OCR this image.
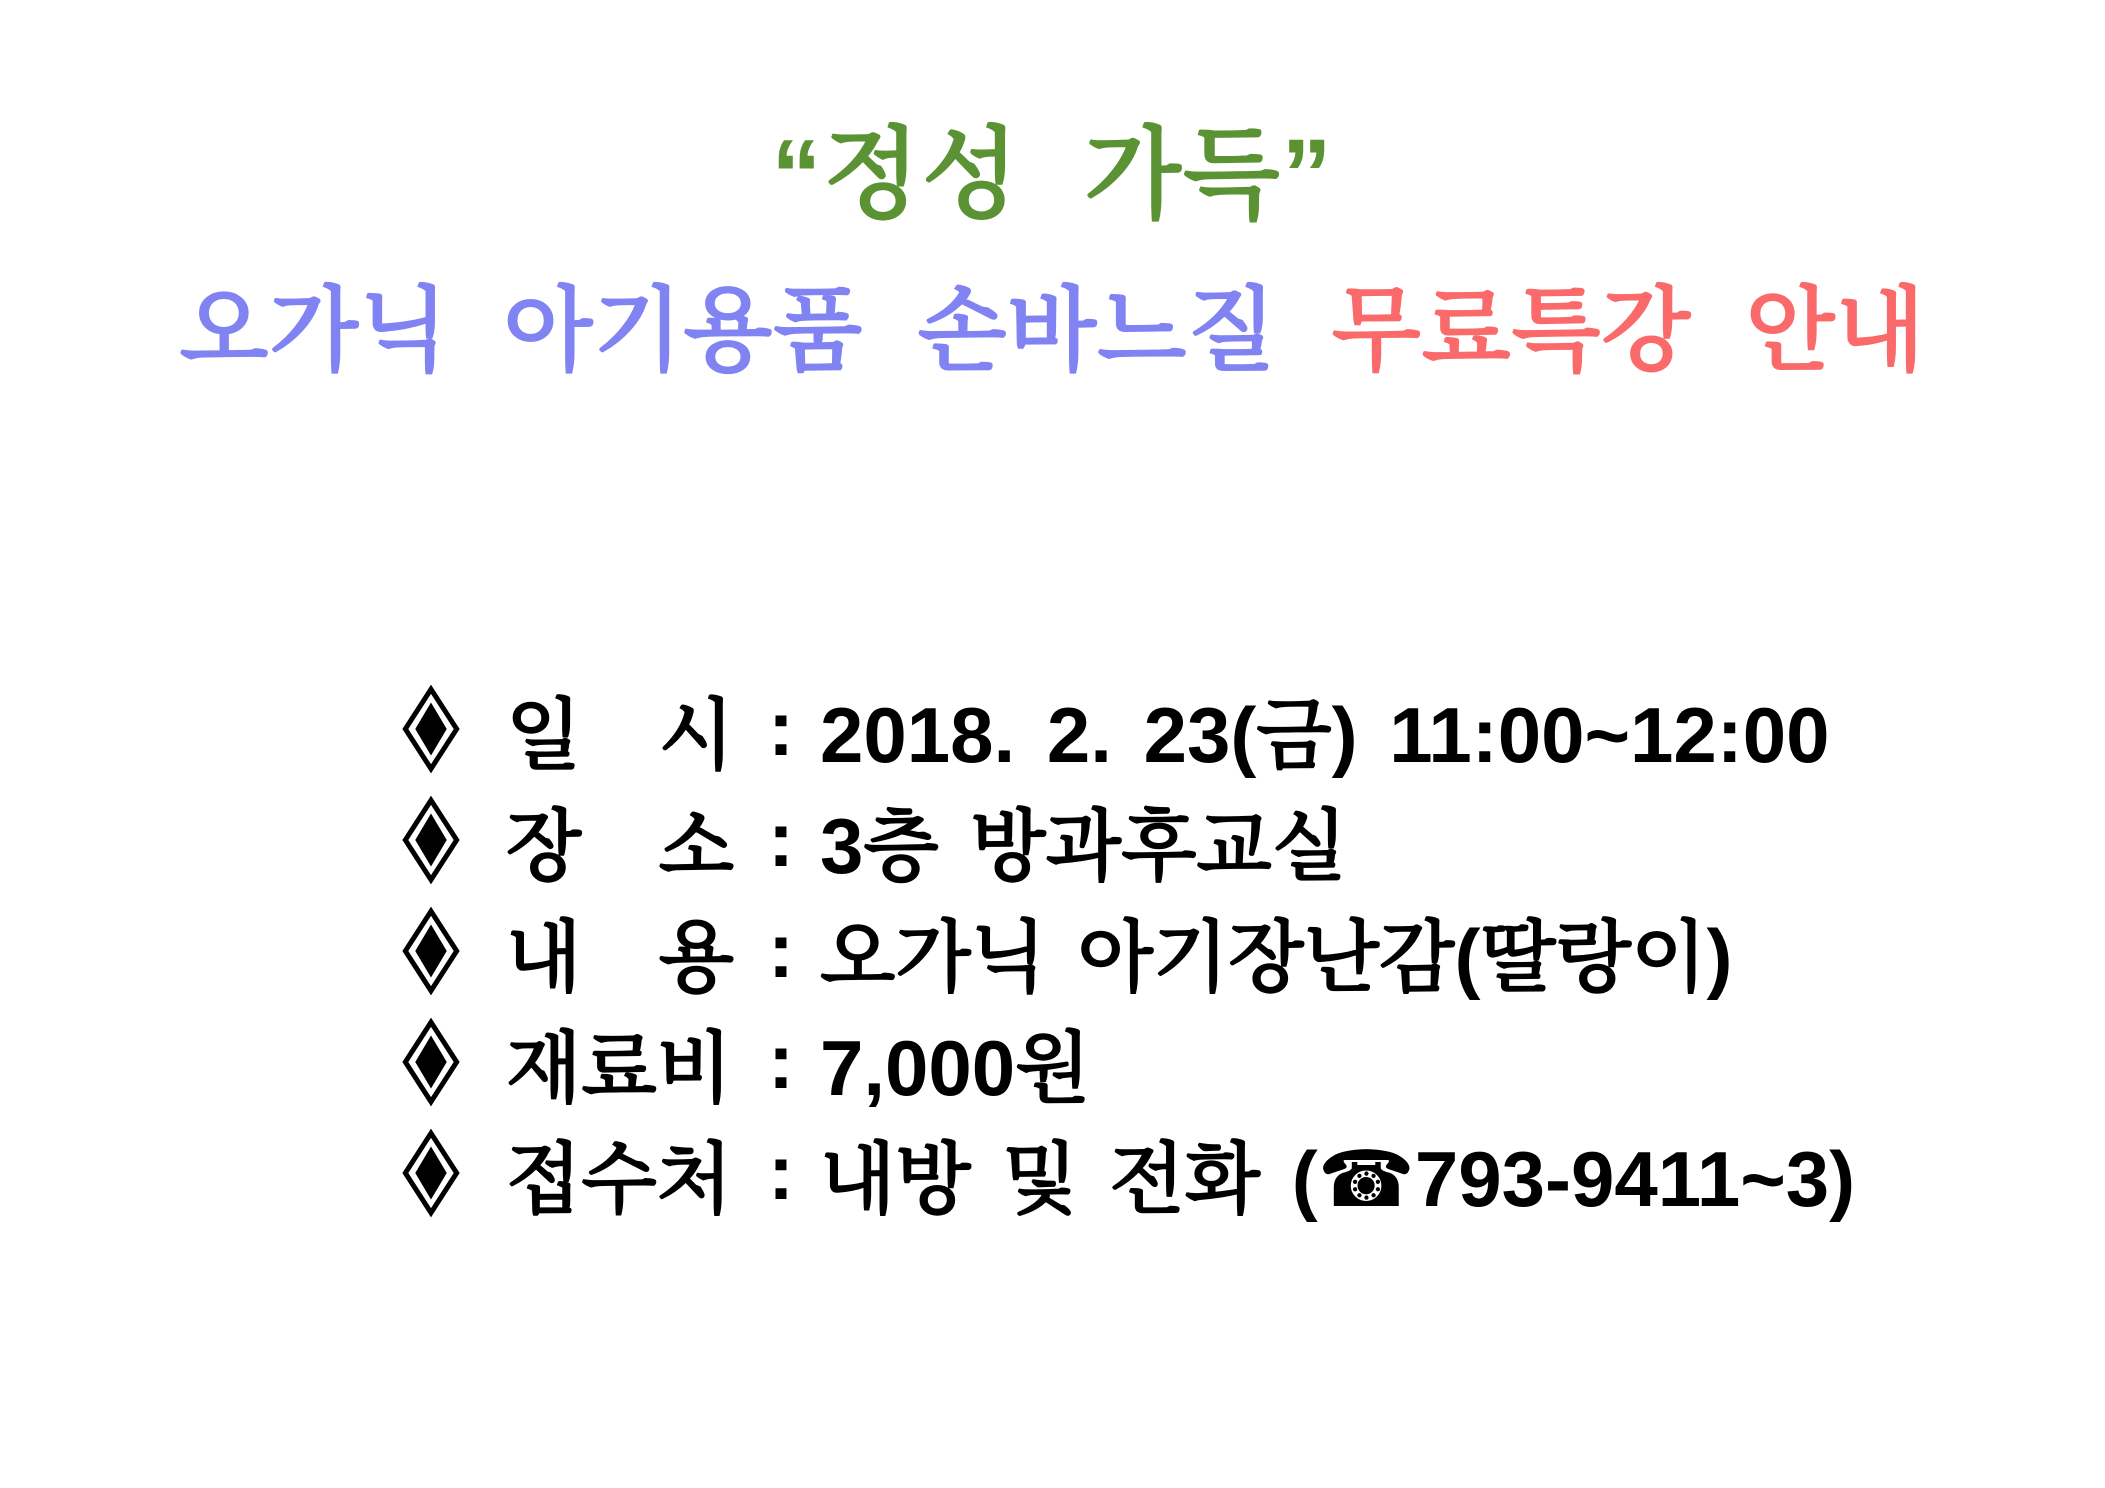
“정성 가득”
오가닉 아기용품 손바느질 무료특강 안내
일 시 : 2018. 2. 23(금) 11:00~12:00
장 소 : 3층 방과후교실
내 용 : 오가닉 아기장난감(딸랑이)
재료비 : 7,000원
접수처 : 내방 및 전화 (☎793-9411~3)
